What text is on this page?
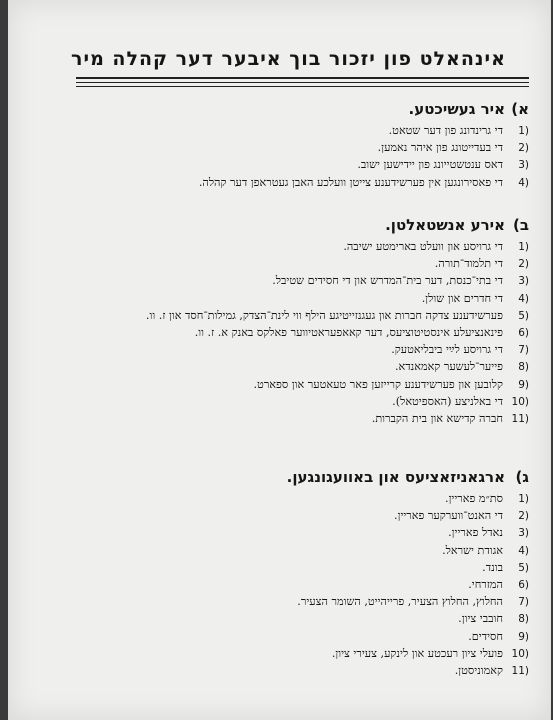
אינהאלט פון יזכור בוך איבער דער קהלה מיר
א)
איר געשיכטע.
1)
די גרינדונג פון דער שטאט.
2)
די בעדייטונג פון איהר נאמען.
3)
דאס ענטשטייונג פון יידישען ישוב.
4)
די פאסירונגען אין פערשידענע צייטן וועלכע האבן געטראפן דער קהלה.
ב)
אירע אנשטאלטן.
1)
די גרויסע און וועלט בארימטע ישיבה.
2)
די תלמוד־תורה.
3)
די בתי־כנסת, דער בית־המדרש און די חסידים שטיבל.
4)
די חדרים און שולן.
5)
פערשידענע צדקה חברות און געגנזייטיגע הילף ווי לינת־הצדק, גמילות־חסד און ז. וו.
6)
פינאנציעלע אינסטיטוציעס, דער קאאפעראטיווער פאלקס באנק א. ז. וו.
7)
די גרויסע לײַי ביבליאטעק.
8)
פייער־לעשער קאמאנדא.
9)
קלובען און פערשידענע קרייזען פאר טעאטער און ספארט.
10)
די באלניצע (האספיטאל).
11)
חברה קדישא און בית הקברות.
ג)
ארגאניזאציעס און באוועגונגען.
1)
סת״מ פאריין.
2)
די האנט־ווערקער פאריין.
3)
נאדל פאריין.
4)
אגודת ישראל.
5)
בונד.
6)
המזרחי.
7)
החלוץ, החלוץ הצעיר, פרייהייט, השומר הצעיר.
8)
חובבי ציון.
9)
חסידים.
10)
פועלי ציון רעכטע און לינקע, צעירי ציון.
11)
קאמוניסטן.
